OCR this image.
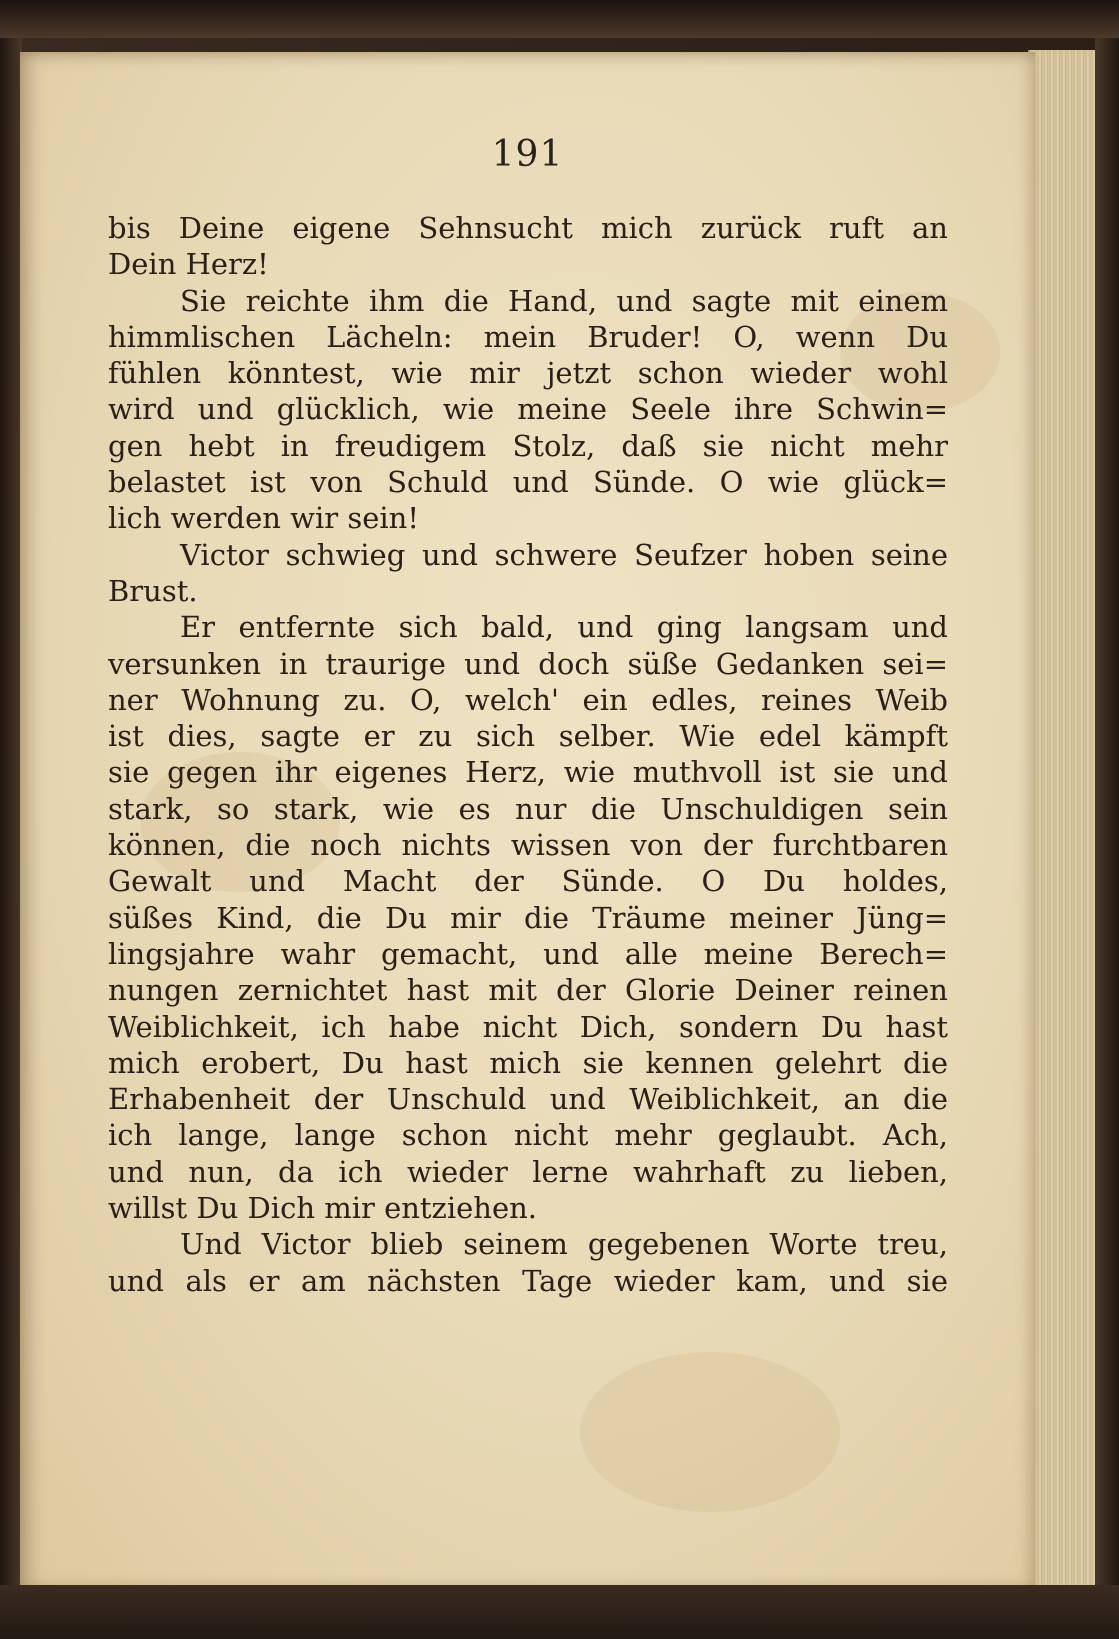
191
bis Deine eigene Sehnsucht mich zurück ruft an
Dein Herz!
Sie reichte ihm die Hand, und sagte mit einem
himmlischen Lächeln: mein Bruder! O, wenn Du
fühlen könntest, wie mir jetzt schon wieder wohl
wird und glücklich, wie meine Seele ihre Schwin=
gen hebt in freudigem Stolz, daß sie nicht mehr
belastet ist von Schuld und Sünde. O wie glück=
lich werden wir sein!
Victor schwieg und schwere Seufzer hoben seine
Brust.
Er entfernte sich bald, und ging langsam und
versunken in traurige und doch süße Gedanken sei=
ner Wohnung zu. O, welch' ein edles, reines Weib
ist dies, sagte er zu sich selber. Wie edel kämpft
sie gegen ihr eigenes Herz, wie muthvoll ist sie und
stark, so stark, wie es nur die Unschuldigen sein
können, die noch nichts wissen von der furchtbaren
Gewalt und Macht der Sünde. O Du holdes,
süßes Kind, die Du mir die Träume meiner Jüng=
lingsjahre wahr gemacht, und alle meine Berech=
nungen zernichtet hast mit der Glorie Deiner reinen
Weiblichkeit, ich habe nicht Dich, sondern Du hast
mich erobert, Du hast mich sie kennen gelehrt die
Erhabenheit der Unschuld und Weiblichkeit, an die
ich lange, lange schon nicht mehr geglaubt. Ach,
und nun, da ich wieder lerne wahrhaft zu lieben,
willst Du Dich mir entziehen.
Und Victor blieb seinem gegebenen Worte treu,
und als er am nächsten Tage wieder kam, und sie
